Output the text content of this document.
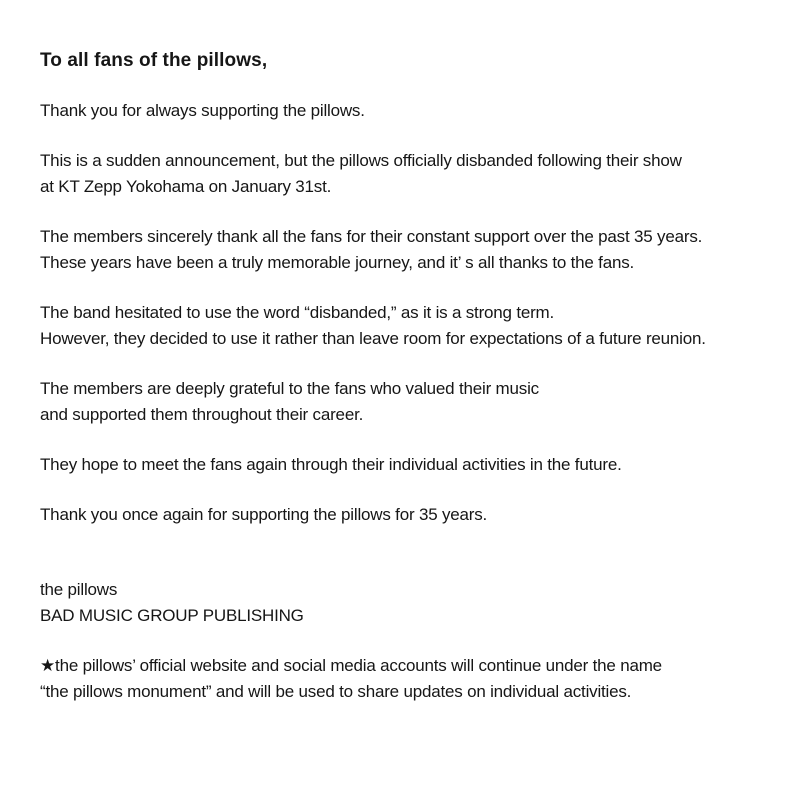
To all fans of the pillows,
Thank you for always supporting the pillows.
This is a sudden announcement, but the pillows officially disbanded following their show
at KT Zepp Yokohama on January 31st.
The members sincerely thank all the fans for their constant support over the past 35 years.
These years have been a truly memorable journey, and it’ s all thanks to the fans.
The band hesitated to use the word “disbanded,” as it is a strong term.
However, they decided to use it rather than leave room for expectations of a future reunion.
The members are deeply grateful to the fans who valued their music
and supported them throughout their career.
They hope to meet the fans again through their individual activities in the future.
Thank you once again for supporting the pillows for 35 years.
the pillows
BAD MUSIC GROUP PUBLISHING
★the pillows’ official website and social media accounts will continue under the name
“the pillows monument” and will be used to share updates on individual activities.
